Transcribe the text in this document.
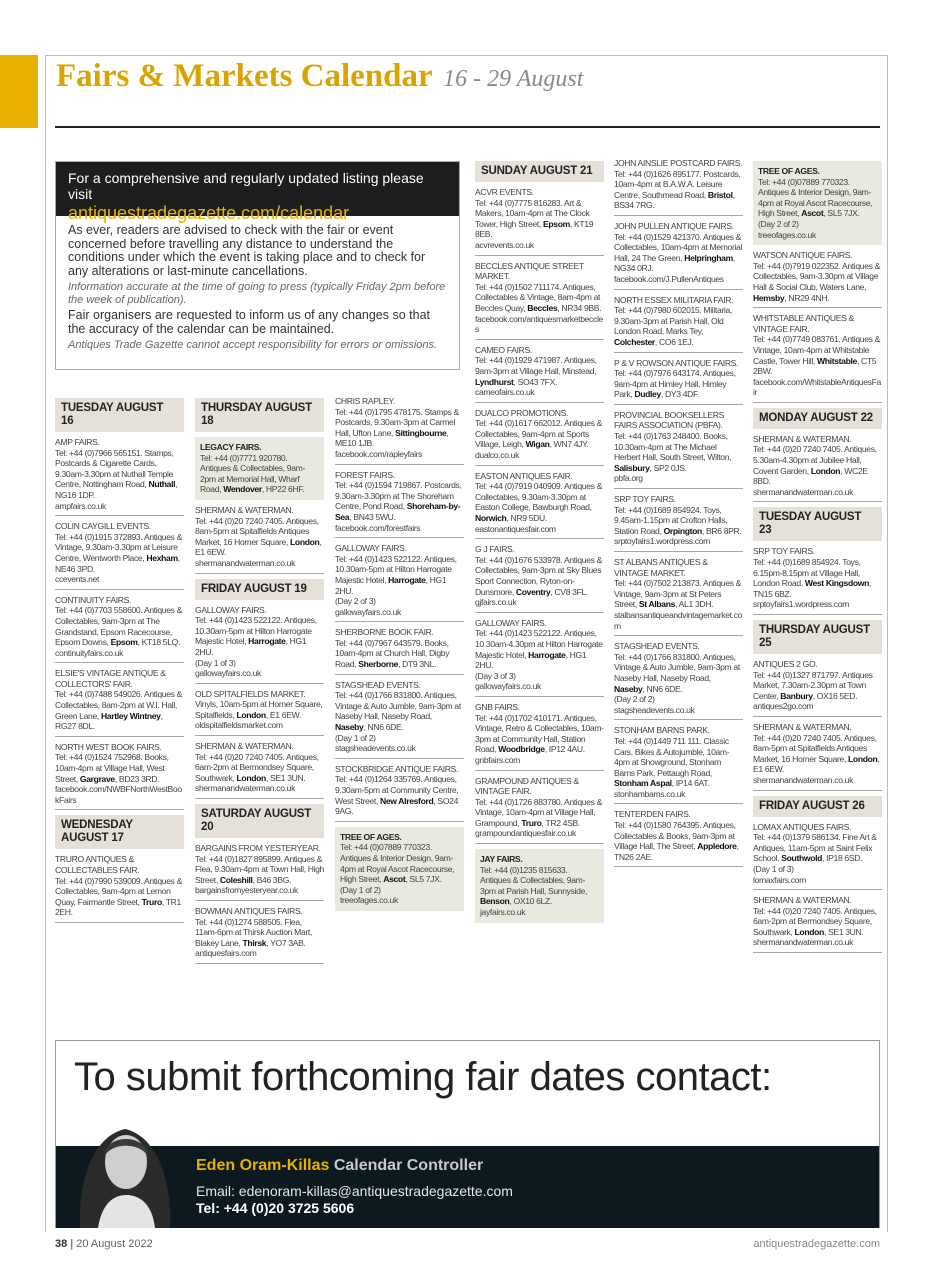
Fairs & Markets Calendar 16 - 29 August
For a comprehensive and regularly updated listing please visit
antiquestradegazette.com/calendar

As ever, readers are advised to check with the fair or event concerned before travelling any distance to understand the conditions under which the event is taking place and to check for any alterations or last-minute cancellations.

Information accurate at the time of going to press (typically Friday 2pm before the week of publication).

Fair organisers are requested to inform us of any changes so that the accuracy of the calendar can be maintained.

Antiques Trade Gazette cannot accept responsibility for errors or omissions.

TUESDAY AUGUST 16
AMP FAIRS.
Tel: +44 (0)7966 565151. Stamps, Postcards & Cigarette Cards, 9.30am-3.30pm at Nuthall Temple Centre, Nottingham Road, Nuthall, NG16 1DP.
ampfairs.co.uk
COLIN CAYGILL EVENTS.
Tel: +44 (0)1915 372893. Antiques & Vintage, 9.30am-3.30pm at Leisure Centre, Wentworth Place, Hexham, NE46 3PD.
ccevents.net
CONTINUITY FAIRS.
Tel: +44 (0)7703 558600. Antiques & Collectables, 9am-3pm at The Grandstand, Epsom Racecourse, Epsom Downs, Epsom, KT18 5LQ.
continuityfairs.co.uk
ELSIE'S VINTAGE ANTIQUE & COLLECTORS' FAIR.
Tel: +44 (0)7488 549026. Antiques & Collectables, 8am-2pm at W.I. Hall, Green Lane, Hartley Wintney, RG27 8DL.
NORTH WEST BOOK FAIRS.
Tel: +44 (0)1524 752968. Books, 10am-4pm at Village Hall, West Street, Gargrave, BD23 3RD.
facebook.com/NWBFNorthWestBookFairs
WEDNESDAY AUGUST 17
TRURO ANTIQUES & COLLECTABLES FAIR.
Tel: +44 (0)7990 539009. Antiques & Collectables, 9am-4pm at Lemon Quay, Fairmantle Street, Truro, TR1 2EH.
THURSDAY AUGUST 18
LEGACY FAIRS.
Tel: +44 (0)7771 920780. Antiques & Collectables, 9am-2pm at Memorial Hall, Wharf Road, Wendover, HP22 6HF.
SHERMAN & WATERMAN.
Tel: +44 (0)20 7240 7405. Antiques, 8am-5pm at Spitalfields Antiques Market, 16 Horner Square, London, E1 6EW.
shermanandwaterman.co.uk
FRIDAY AUGUST 19
GALLOWAY FAIRS.
Tel: +44 (0)1423 522122. Antiques, 10.30am-5pm at Hilton Harrogate Majestic Hotel, Harrogate, HG1 2HU.
(Day 1 of 3)
gallowayfairs.co.uk
OLD SPITALFIELDS MARKET.
Vinyls, 10am-5pm at Horner Square, Spitalfields, London, E1 6EW.
oldspitalfieldsmarket.com
SHERMAN & WATERMAN.
Tel: +44 (0)20 7240 7405. Antiques, 6am-2pm at Bermondsey Square, Southwark, London, SE1 3UN.
shermanandwaterman.co.uk
SATURDAY AUGUST 20
BARGAINS FROM YESTERYEAR.
Tel: +44 (0)1827 895899. Antiques & Flea, 9.30am-4pm at Town Hall, High Street, Coleshill, B46 3BG.
bargainsfromyesteryear.co.uk
BOWMAN ANTIQUES FAIRS.
Tel: +44 (0)1274 588505. Flea, 11am-6pm at Thirsk Auction Mart, Blakey Lane, Thirsk, YO7 3AB.
antiquesfairs.com
CHRIS RAPLEY.
Tel: +44 (0)1795 478175. Stamps & Postcards, 9.30am-3pm at Carmel Hall, Ufton Lane, Sittingbourne, ME10 1JB.
facebook.com/rapleyfairs
FOREST FAIRS.
Tel: +44 (0)1594 719867. Postcards, 9.30am-3.30pm at The Shoreham Centre, Pond Road, Shoreham-by-Sea, BN43 5WU.
facebook.com/forestfairs
GALLOWAY FAIRS.
Tel: +44 (0)1423 522122. Antiques, 10.30am-5pm at Hilton Harrogate Majestic Hotel, Harrogate, HG1 2HU.
(Day 2 of 3)
gallowayfairs.co.uk
SHERBORNE BOOK FAIR.
Tel: +44 (0)7967 643579. Books, 10am-4pm at Church Hall, Digby Road, Sherborne, DT9 3NL.
STAGSHEAD EVENTS.
Tel: +44 (0)1766 831800. Antiques, Vintage & Auto Jumble, 9am-3pm at Naseby Hall, Naseby Road, Naseby, NN6 6DE.
(Day 1 of 2)
stagsheadevents.co.uk
STOCKBRIDGE ANTIQUE FAIRS.
Tel: +44 (0)1264 335769. Antiques, 9.30am-5pm at Community Centre, West Street, New Alresford, SO24 9AG.
TREE OF AGES.
Tel: +44 (0)07889 770323. Antiques & Interior Design, 9am-4pm at Royal Ascot Racecourse, High Street, Ascot, SL5 7JX.
(Day 1 of 2)
treeofages.co.uk
SUNDAY AUGUST 21
ACVR EVENTS.
Tel: +44 (0)7775 816283. Art & Makers, 10am-4pm at The Clock Tower, High Street, Epsom, KT19 8EB.
acvrevents.co.uk
BECCLES ANTIQUE STREET MARKET.
Tel: +44 (0)1502 711174. Antiques, Collectables & Vintage, 8am-4pm at Beccles Quay, Beccles, NR34 9BB.
facebook.com/antiquesmarketbeccles
CAMEO FAIRS.
Tel: +44 (0)1929 471987. Antiques, 9am-3pm at Village Hall, Minstead, Lyndhurst, SO43 7FX.
cameofairs.co.uk
DUALCO PROMOTIONS.
Tel: +44 (0)1617 662012. Antiques & Collectables, 9am-4pm at Sports Village, Leigh, Wigan, WN7 4JY.
dualco.co.uk
EASTON ANTIQUES FAIR.
Tel: +44 (0)7919 040909. Antiques & Collectables, 9.30am-3.30pm at Easton College, Bawburgh Road, Norwich, NR9 5DU.
eastonantiquesfair.com
G J FAIRS.
Tel: +44 (0)1676 533978. Antiques & Collectables, 9am-3pm at Sky Blues Sport Connection, Ryton-on-Dunsmore, Coventry, CV8 3FL.
gjfairs.co.uk
GALLOWAY FAIRS.
Tel: +44 (0)1423 522122. Antiques, 10.30am-4.30pm at Hilton Harrogate Majestic Hotel, Harrogate, HG1 2HU.
(Day 3 of 3)
gallowayfairs.co.uk
GNB FAIRS.
Tel: +44 (0)1702 410171. Antiques, Vintage, Retro & Collectables, 10am-3pm at Community Hall, Station Road, Woodbridge, IP12 4AU.
gnbfairs.com
GRAMPOUND ANTIQUES & VINTAGE FAIR.
Tel: +44 (0)1726 883780. Antiques & Vintage, 10am-4pm at Village Hall, Grampound, Truro, TR2 4SB.
grampoundantiquesfair.co.uk
JAY FAIRS.
Tel: +44 (0)1235 815633. Antiques & Collectables, 9am-3pm at Parish Hall, Sunnyside, Benson, OX10 6LZ.
jayfairs.co.uk
JOHN AINSLIE POSTCARD FAIRS.
Tel: +44 (0)1626 895177. Postcards, 10am-4pm at B.A.W.A. Leisure Centre, Southmead Road, Bristol, BS34 7RG.
JOHN PULLEN ANTIQUE FAIRS.
Tel: +44 (0)1529 421370. Antiques & Collectables, 10am-4pm at Memorial Hall, 24 The Green, Helpringham, NG34 0RJ.
facebook.com/J.PullenAntiques
NORTH ESSEX MILITARIA FAIR.
Tel: +44 (0)7980 602015. Militaria, 9.30am-3pm at Parish Hall, Old London Road, Marks Tey, Colchester, CO6 1EJ.
P & V ROWSON ANTIQUE FAIRS.
Tel: +44 (0)7976 643174. Antiques, 9am-4pm at Himley Hall, Himley Park, Dudley, DY3 4DF.
PROVINCIAL BOOKSELLERS FAIRS ASSOCIATION (PBFA).
Tel: +44 (0)1763 248400. Books, 10.30am-4pm at The Michael Herbert Hall, South Street, Wilton, Salisbury, SP2 0JS.
pbfa.org
SRP TOY FAIRS.
Tel: +44 (0)1689 854924. Toys, 9.45am-1.15pm at Crofton Halls, Station Road, Orpington, BR6 8PR.
srptoyfairs1.wordpress.com
ST ALBANS ANTIQUES & VINTAGE MARKET.
Tel: +44 (0)7502 213873. Antiques & Vintage, 9am-3pm at St Peters Street, St Albans, AL1 3DH.
stalbansantiqueandvintagemarket.com
STAGSHEAD EVENTS.
Tel: +44 (0)1766 831800. Antiques, Vintage & Auto Jumble, 9am-3pm at Naseby Hall, Naseby Road, Naseby, NN6 6DE.
(Day 2 of 2)
stagsheadevents.co.uk
STONHAM BARNS PARK.
Tel: +44 (0)1449 711 111. Classic Cars, Bikes & Autojumble, 10am-4pm at Showground, Stonham Barns Park, Pettaugh Road, Stonham Aspal, IP14 6AT.
stonhambarns.co.uk
TENTERDEN FAIRS.
Tel: +44 (0)1580 764395. Antiques, Collectables & Books, 9am-3pm at Village Hall, The Street, Appledore, TN26 2AE.
TREE OF AGES.
Tel: +44 (0)07889 770323. Antiques & Interior Design, 9am-4pm at Royal Ascot Racecourse, High Street, Ascot, SL5 7JX.
(Day 2 of 2)
treeofages.co.uk
WATSON ANTIQUE FAIRS.
Tel: +44 (0)7919 022352. Antiques & Collectables, 9am-3.30pm at Village Hall & Social Club, Waters Lane, Hemsby, NR29 4NH.
WHITSTABLE ANTIQUES & VINTAGE FAIR.
Tel: +44 (0)7749 083761. Antiques & Vintage, 10am-4pm at Whitstable Castle, Tower Hill, Whitstable, CT5 2BW.
facebook.com/WhitstableAntiquesFair
MONDAY AUGUST 22
SHERMAN & WATERMAN.
Tel: +44 (0)20 7240 7405. Antiques, 5.30am-4.30pm at Jubilee Hall, Covent Garden, London, WC2E 8BD.
shermanandwaterman.co.uk
TUESDAY AUGUST 23
SRP TOY FAIRS.
Tel: +44 (0)1689 854924. Toys, 6.15pm-8.15pm at Village Hall, London Road, West Kingsdown, TN15 6BZ.
srptoyfairs1.wordpress.com
THURSDAY AUGUST 25
ANTIQUES 2 GO.
Tel: +44 (0)1327 871797. Antiques Market, 7.30am-2.30pm at Town Center, Banbury, OX16 5ED.
antiques2go.com
SHERMAN & WATERMAN.
Tel: +44 (0)20 7240 7405. Antiques, 8am-5pm at Spitalfields Antiques Market, 16 Horner Square, London, E1 6EW.
shermanandwaterman.co.uk
FRIDAY AUGUST 26
LOMAX ANTIQUES FAIRS.
Tel: +44 (0)1379 586134. Fine Art & Antiques, 11am-5pm at Saint Felix School, Southwold, IP18 6SD.
(Day 1 of 3)
lomaxfairs.com
SHERMAN & WATERMAN.
Tel: +44 (0)20 7240 7405. Antiques, 6am-2pm at Bermondsey Square, Southwark, London, SE1 3UN.
shermanandwaterman.co.uk
To submit forthcoming fair dates contact:
Eden Oram-Killas Calendar Controller
Email: edenoram-killas@antiquestradegazette.com
Tel: +44 (0)20 3725 5606
38 | 20 August 2022	antiquestradegazette.com
